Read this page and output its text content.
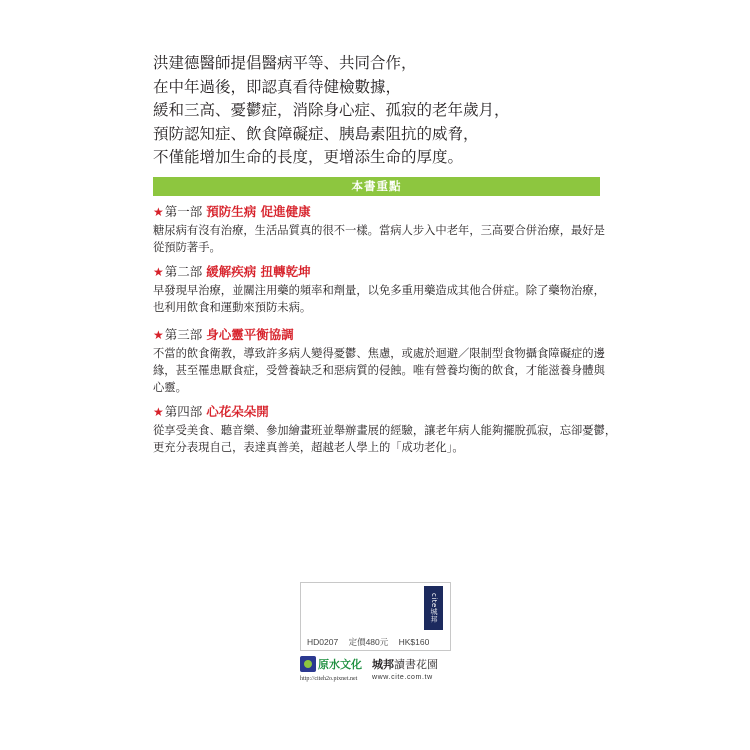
洪建德醫師提倡醫病平等、共同合作，
在中年過後，即認真看待健檢數據，
緩和三高、憂鬱症，消除身心症、孤寂的老年歲月，
預防認知症、飲食障礙症、胰島素阻抗的威脅，
不僅能增加生命的長度，更增添生命的厚度。
本書重點
★第一部 預防生病 促進健康
糖尿病有沒有治療，生活品質真的很不一樣。當病人步入中老年，三高要合併治療，最好是
從預防著手。
★第二部 緩解疾病 扭轉乾坤
早發現早治療，並關注用藥的頻率和劑量，以免多重用藥造成其他合併症。除了藥物治療，
也利用飲食和運動來預防未病。
★第三部 身心靈平衡協調
不當的飲食衛教，導致許多病人變得憂鬱、焦慮，或處於迴避／限制型食物攝食障礙症的邊
緣，甚至罹患厭食症，受營養缺乏和惡病質的侵蝕。唯有營養均衡的飲食，才能滋養身體與
心靈。
★第四部 心花朵朵開
從享受美食、聽音樂、參加繪畫班並舉辦畫展的經驗，讓老年病人能夠擺脫孤寂，忘卻憂鬱，
更充分表現自己，表達真善美，超越老人學上的「成功老化」。
cite城邦
HD0207 定價480元 HK$160
原水文化
http://citeh2o.pixnet.net
城邦讀書花園
www.cite.com.tw
